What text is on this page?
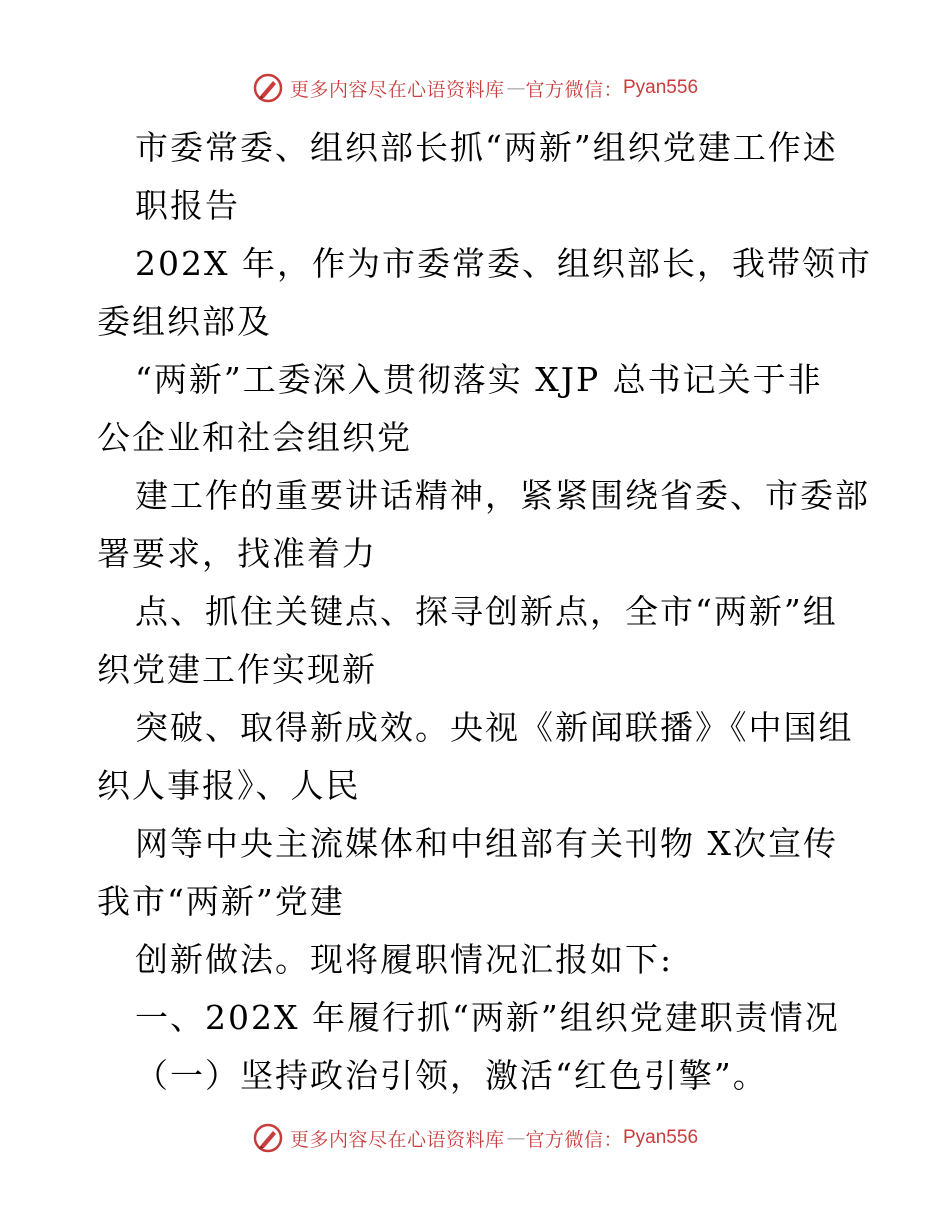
更多内容尽在心语资料库 — 官方微信： Pyan556
市委常委、组织部长抓“两新”组织党建工作述
职报告
202X 年，作为市委常委、组织部长，我带领市
委组织部及
“两新”工委深入贯彻落实 XJP 总书记关于非
公企业和社会组织党
建工作的重要讲话精神，紧紧围绕省委、市委部
署要求，找准着力
点、抓住关键点、探寻创新点，全市“两新”组
织党建工作实现新
突破、取得新成效。央视《新闻联播》《中国组
织人事报》、人民
网等中央主流媒体和中组部有关刊物 X次宣传
我市“两新”党建
创新做法。现将履职情况汇报如下:
一、202X 年履行抓“两新”组织党建职责情况
（一）坚持政治引领，激活“红色引擎”。
更多内容尽在心语资料库 — 官方微信： Pyan556
